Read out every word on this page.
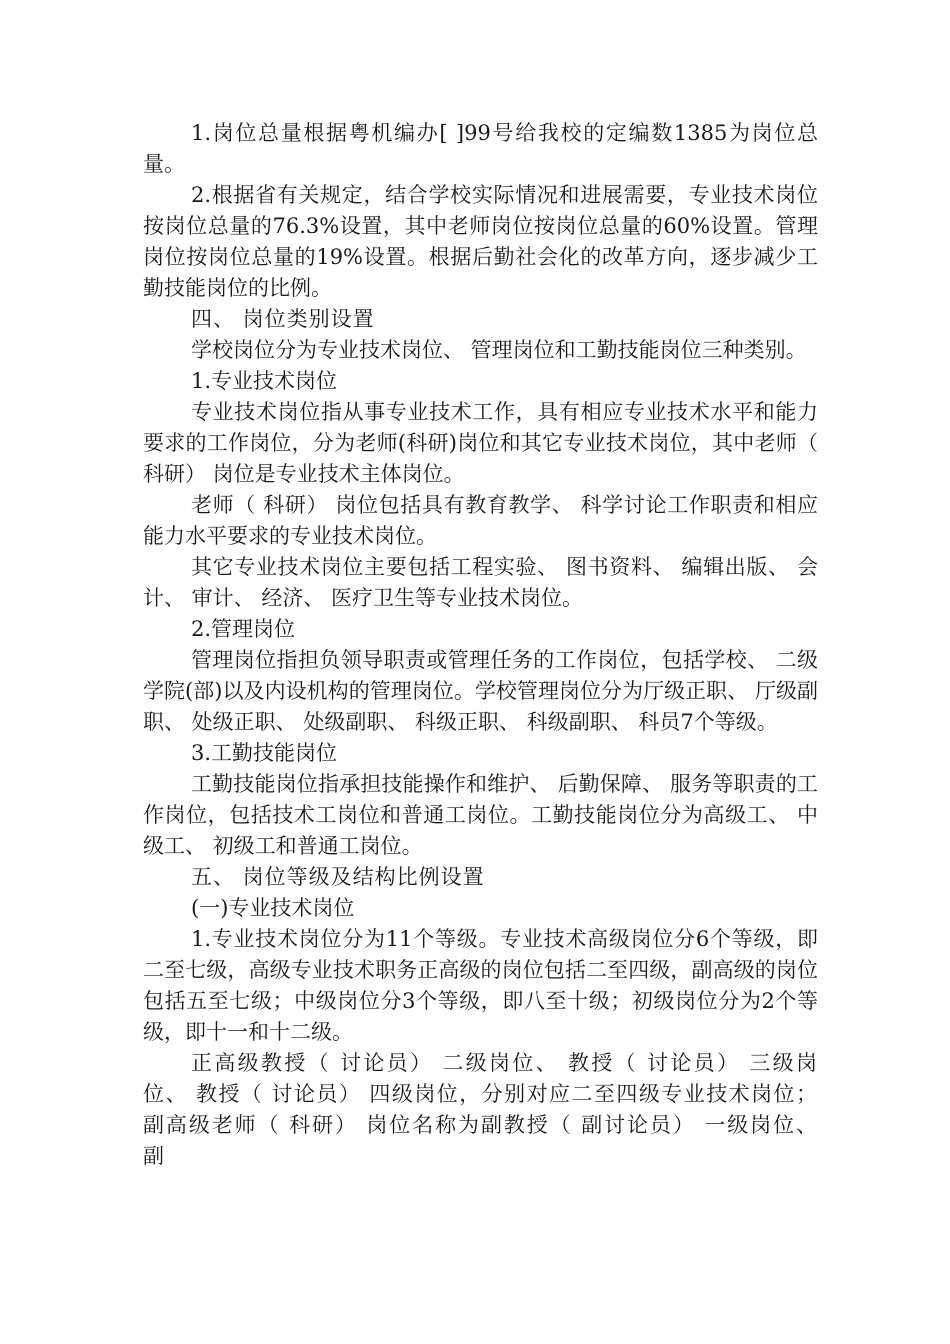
1.岗位总量根据粤机编办[ ]99号给我校的定编数1385为岗位总量。

2.根据省有关规定，结合学校实际情况和进展需要，专业技术岗位按岗位总量的76.3%设置，其中老师岗位按岗位总量的60%设置。管理岗位按岗位总量的19%设置。根据后勤社会化的改革方向，逐步减少工勤技能岗位的比例。

四、 岗位类别设置

学校岗位分为专业技术岗位、 管理岗位和工勤技能岗位三种类别。

1.专业技术岗位

专业技术岗位指从事专业技术工作，具有相应专业技术水平和能力要求的工作岗位，分为老师(科研)岗位和其它专业技术岗位，其中老师（ 科研） 岗位是专业技术主体岗位。

老师（ 科研） 岗位包括具有教育教学、 科学讨论工作职责和相应能力水平要求的专业技术岗位。

其它专业技术岗位主要包括工程实验、 图书资料、 编辑出版、 会计、 审计、 经济、 医疗卫生等专业技术岗位。

2.管理岗位

管理岗位指担负领导职责或管理任务的工作岗位，包括学校、 二级学院(部)以及内设机构的管理岗位。学校管理岗位分为厅级正职、 厅级副职、 处级正职、 处级副职、 科级正职、 科级副职、 科员7个等级。

3.工勤技能岗位

工勤技能岗位指承担技能操作和维护、 后勤保障、 服务等职责的工作岗位，包括技术工岗位和普通工岗位。工勤技能岗位分为高级工、 中级工、 初级工和普通工岗位。

五、 岗位等级及结构比例设置

(一)专业技术岗位

1.专业技术岗位分为11个等级。专业技术高级岗位分6个等级，即二至七级，高级专业技术职务正高级的岗位包括二至四级，副高级的岗位包括五至七级；中级岗位分3个等级，即八至十级；初级岗位分为2个等级，即十一和十二级。

正高级教授（ 讨论员） 二级岗位、 教授（ 讨论员） 三级岗位、 教授（ 讨论员） 四级岗位，分别对应二至四级专业技术岗位；副高级老师（ 科研） 岗位名称为副教授（ 副讨论员） 一级岗位、 副
